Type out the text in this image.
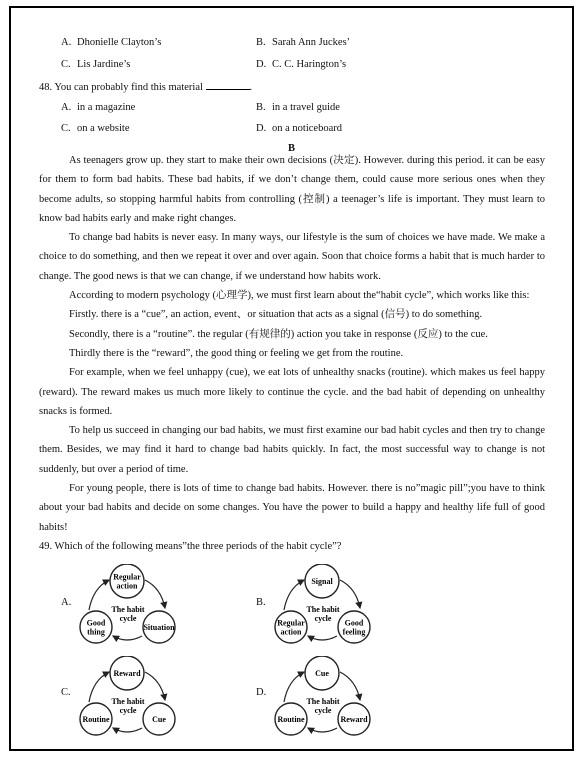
A. Dhonielle Clayton’s	B. Sarah Ann Juckes’
C. Lis Jardine’s	D. C. C. Harington’s
48. You can probably find this material	.
A. in a magazine	B. in a travel guide
C. on a website	D. on a noticeboard
B

As teenagers grow up. they start to make their own decisions (决定). However. during this period. it can be easy for them to form bad habits. These bad habits, if we don’t change them, could cause more serious ones when they become adults, so stopping harmful habits from controlling (控制) a teenager’s life is important. They must learn to know bad habits early and make right changes.

To change bad habits is never easy. In many ways, our lifestyle is the sum of choices we have made. We make a choice to do something, and then we repeat it over and over again. Soon that choice forms a habit that is much harder to change. The good news is that we can change, if we understand how habits work.

According to modern psychology (心理学), we must first learn about the“habit cycle”, which works like this:

Firstly. there is a “cue”, an action, event、or situation that acts as a signal (信号) to do something.

Secondly, there is a “routine”. the regular (有规律的) action you take in response (反应) to the cue.

Thirdly there is the “reward”, the good thing or feeling we get from the routine.

For example, when we feel unhappy (cue), we eat lots of unhealthy snacks (routine). which makes us feel happy (reward). The reward makes us much more likely to continue the cycle. and the bad habit of depending on unhealthy snacks is formed.

To help us succeed in changing our bad habits, we must first examine our bad habit cycles and then try to change them. Besides, we may find it hard to change bad habits quickly. In fact, the most successful way to change is not suddenly, but over a period of time.

For young people, there is lots of time to change bad habits. However. there is no”magic pill”;you have to think about your bad habits and decide on some changes. You have the power to build a happy and healthy life full of good habits!

49. Which of the following means”the three periods of the habit cycle”?
A.	B.
C.	D.
Regular
action
Good
thing	Situation
The habit
cycle
Signal
Regular
action
Good
feeling
The habit
cycle
Reward
Routine	Cue
The habit
cycle
Cue
Routine	Reward
The habit
cycle
